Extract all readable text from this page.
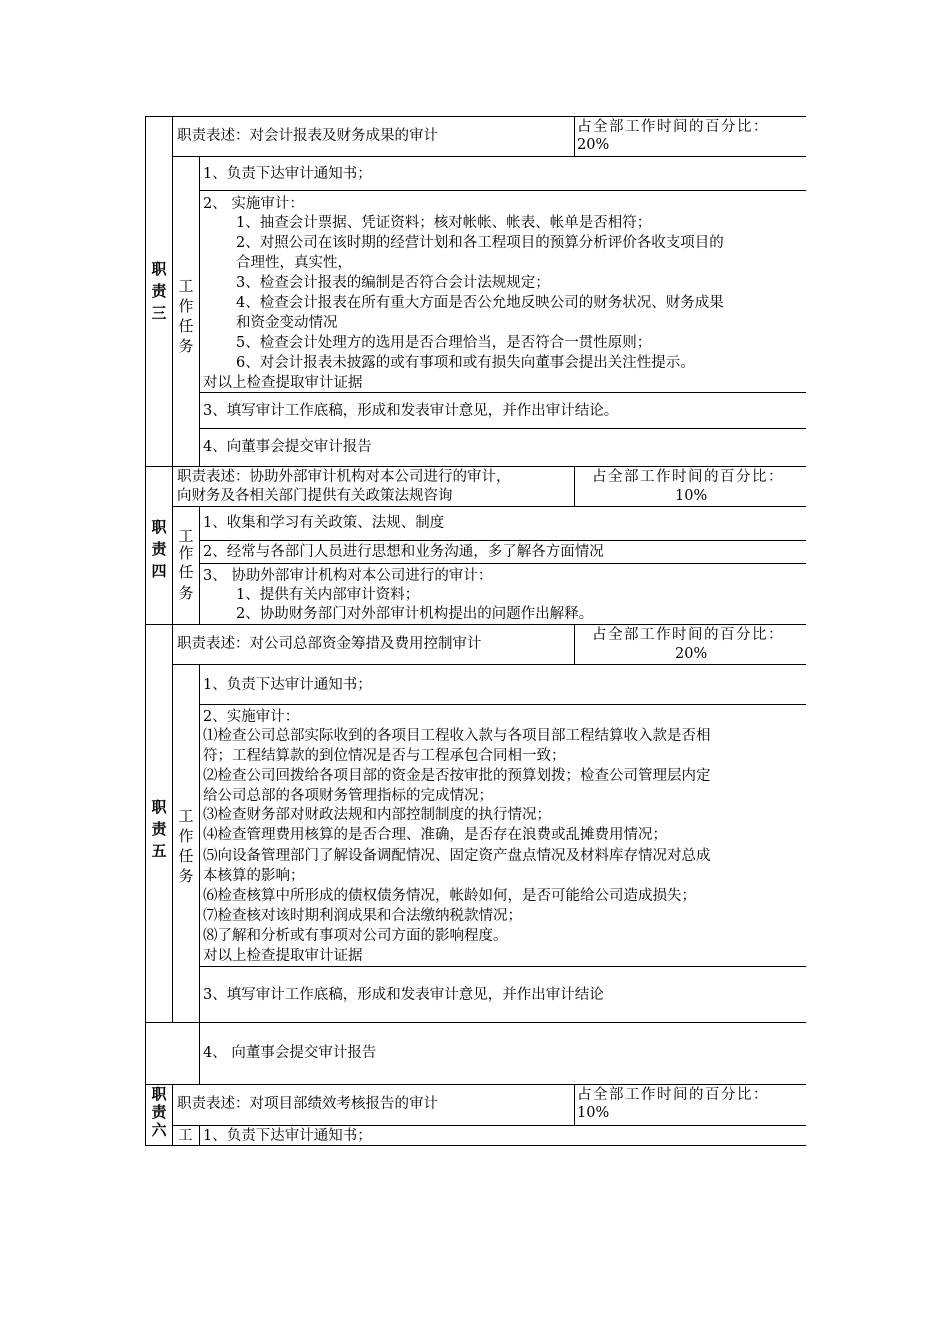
职
责
三
职责表述：对会计报表及财务成果的审计
占全部工作时间的百分比：
20%
工
作
任
务
1、负责下达审计通知书；
2、 实施审计：
1、抽查会计票据、凭证资料；核对帐帐、帐表、帐单是否相符；
2、对照公司在该时期的经营计划和各工程项目的预算分析评价各收支项目的
合理性，真实性，
3、检查会计报表的编制是否符合会计法规规定；
4、检查会计报表在所有重大方面是否公允地反映公司的财务状况、财务成果
和资金变动情况
5、检查会计处理方的选用是否合理恰当，是否符合一贯性原则；
6、对会计报表未披露的或有事项和或有损失向董事会提出关注性提示。
对以上检查提取审计证据
3、填写审计工作底稿，形成和发表审计意见，并作出审计结论。
4、向董事会提交审计报告
职
责
四
职责表述：协助外部审计机构对本公司进行的审计，
向财务及各相关部门提供有关政策法规咨询
占全部工作时间的百分比：
10%
工
作
任
务
1、收集和学习有关政策、法规、制度
2、经常与各部门人员进行思想和业务沟通，多了解各方面情况
3、 协助外部审计机构对本公司进行的审计：
1、提供有关内部审计资料；
2、协助财务部门对外部审计机构提出的问题作出解释。
职
责
五
职责表述：对公司总部资金筹措及费用控制审计
占全部工作时间的百分比：
20%
工
作
任
务
1、负责下达审计通知书；
2、实施审计：
⑴检查公司总部实际收到的各项目工程收入款与各项目部工程结算收入款是否相
符；工程结算款的到位情况是否与工程承包合同相一致；
⑵检查公司回拨给各项目部的资金是否按审批的预算划拨；检查公司管理层内定
给公司总部的各项财务管理指标的完成情况；
⑶检查财务部对财政法规和内部控制制度的执行情况；
⑷检查管理费用核算的是否合理、准确，是否存在浪费或乱摊费用情况；
⑸向设备管理部门了解设备调配情况、固定资产盘点情况及材料库存情况对总成
本核算的影响；
⑹检查核算中所形成的债权债务情况，帐龄如何，是否可能给公司造成损失；
⑺检查核对该时期利润成果和合法缴纳税款情况；
⑻了解和分析或有事项对公司方面的影响程度。
对以上检查提取审计证据
3、填写审计工作底稿，形成和发表审计意见，并作出审计结论
4、 向董事会提交审计报告
职
责
六
职责表述：对项目部绩效考核报告的审计
占全部工作时间的百分比：
10%
工 1、负责下达审计通知书；
